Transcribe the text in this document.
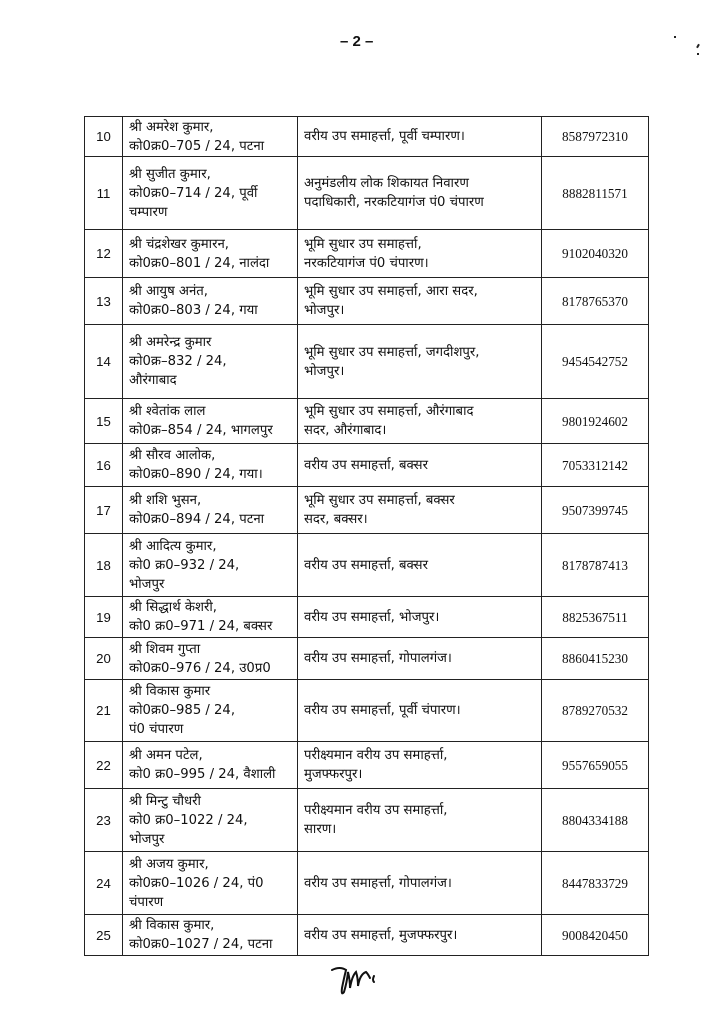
– 2 –
10	श्री अमरेश कुमार,
को0क्र0–705 / 24, पटना	वरीय उप समाहर्त्ता, पूर्वी चम्पारण।	8587972310
11	श्री सुजीत कुमार,
को0क्र0–714 / 24, पूर्वी
चम्पारण	अनुमंडलीय लोक शिकायत निवारण
पदाधिकारी, नरकटियागंज पं0 चंपारण	8882811571
12	श्री चंद्रशेखर कुमारन,
को0क्र0–801 / 24, नालंदा	भूमि सुधार उप समाहर्त्ता,
नरकटियागंज पं0 चंपारण।	9102040320
13	श्री आयुष अनंत,
को0क्र0–803 / 24, गया	भूमि सुधार उप समाहर्त्ता, आरा सदर,
भोजपुर।	8178765370
14	श्री अमरेन्द्र कुमार
को0क्र–832 / 24,
औरंगाबाद	भूमि सुधार उप समाहर्त्ता, जगदीशपुर,
भोजपुर।	9454542752
15	श्री श्वेतांक लाल
को0क्र–854 / 24, भागलपुर	भूमि सुधार उप समाहर्त्ता, औरंगाबाद
सदर, औरंगाबाद।	9801924602
16	श्री सौरव आलोक,
को0क्र0–890 / 24, गया।	वरीय उप समाहर्त्ता, बक्सर	7053312142
17	श्री शशि भुसन,
को0क्र0–894 / 24, पटना	भूमि सुधार उप समाहर्त्ता, बक्सर
सदर, बक्सर।	9507399745
18	श्री आदित्य कुमार,
को0 क्र0–932 / 24,
भोजपुर	वरीय उप समाहर्त्ता, बक्सर	8178787413
19	श्री सिद्धार्थ केशरी,
को0 क्र0–971 / 24, बक्सर	वरीय उप समाहर्त्ता, भोजपुर।	8825367511
20	श्री शिवम गुप्ता
को0क्र0–976 / 24, उ0प्र0	वरीय उप समाहर्त्ता, गोपालगंज।	8860415230
21	श्री विकास कुमार
को0क्र0–985 / 24,
पं0 चंपारण	वरीय उप समाहर्त्ता, पूर्वी चंपारण।	8789270532
22	श्री अमन पटेल,
को0 क्र0–995 / 24, वैशाली	परीक्ष्यमान वरीय उप समाहर्त्ता,
मुजफ्फरपुर।	9557659055
23	श्री मिन्टु चौधरी
को0 क्र0–1022 / 24,
भोजपुर	परीक्ष्यमान वरीय उप समाहर्त्ता,
सारण।	8804334188
24	श्री अजय कुमार,
को0क्र0–1026 / 24, पं0
चंपारण	वरीय उप समाहर्त्ता, गोपालगंज।	8447833729
25	श्री विकास कुमार,
को0क्र0–1027 / 24, पटना	वरीय उप समाहर्त्ता, मुजफ्फरपुर।	9008420450
